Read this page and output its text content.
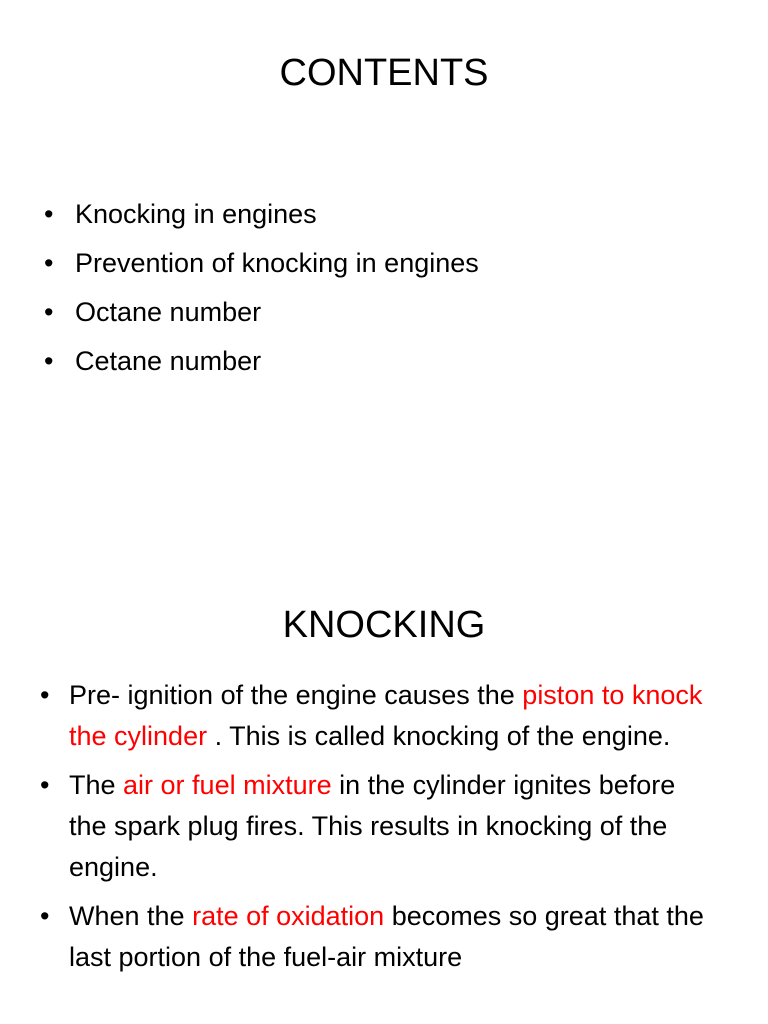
CONTENTS
• Knocking in engines
• Prevention of knocking in engines
• Octane number
• Cetane number
KNOCKING
• Pre- ignition of the engine causes the piston to knock the cylinder . This is called knocking of the engine.
• The air or fuel mixture in the cylinder ignites before the spark plug fires. This results in knocking of the engine.
• When the rate of oxidation becomes so great that the last portion of the fuel-air mixture
